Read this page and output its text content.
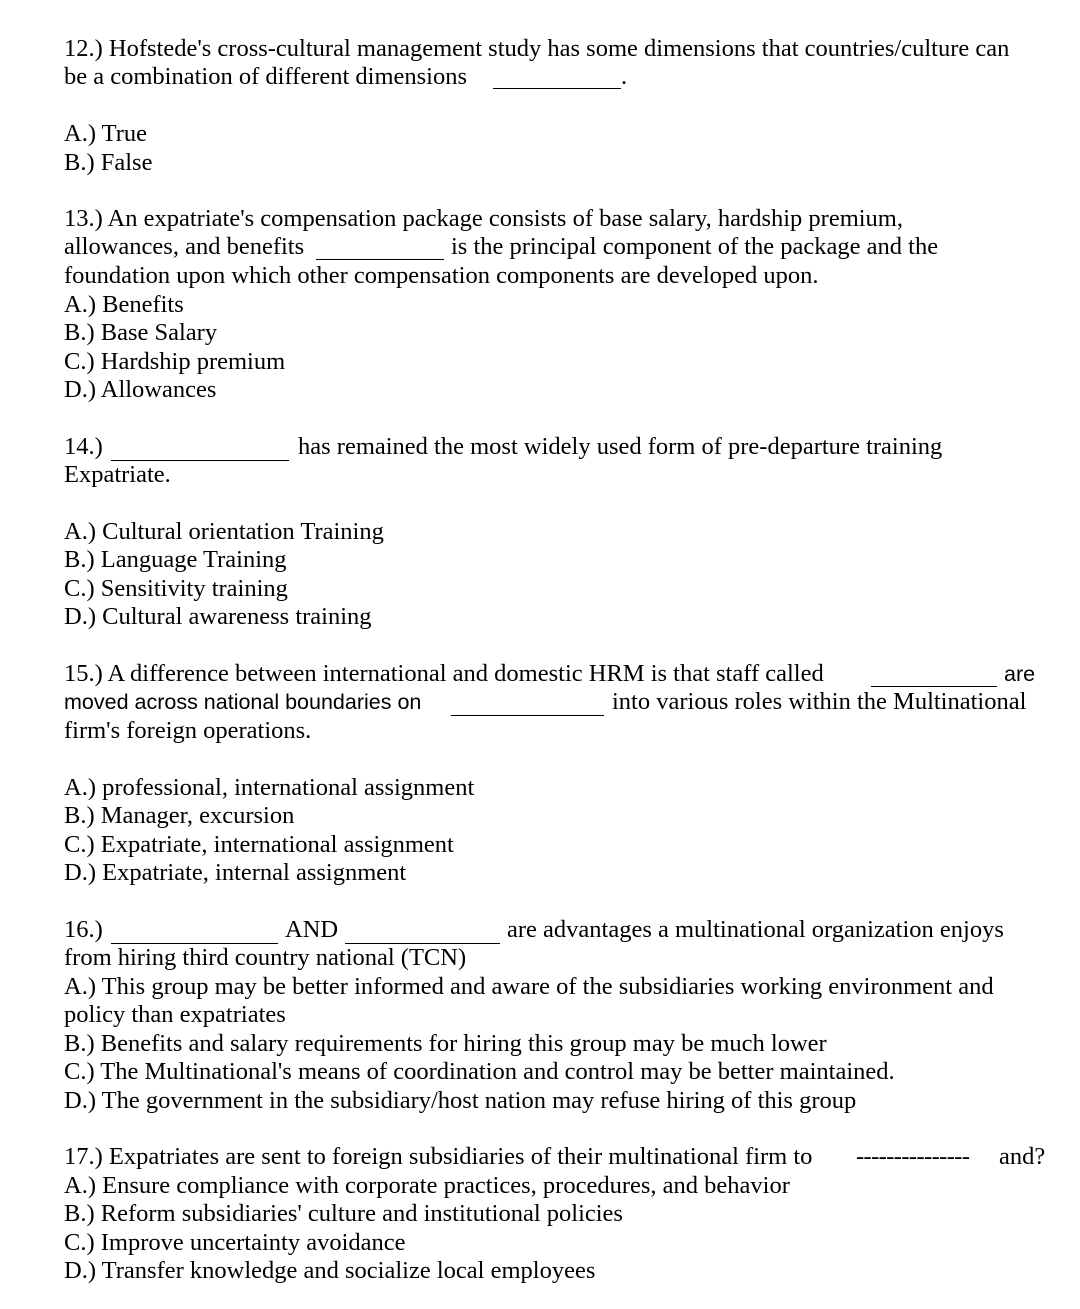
12.) Hofstede's cross-cultural management study has some dimensions that countries/culture can
be a combination of different dimensions	.
A.) True
B.) False
13.) An expatriate's compensation package consists of base salary, hardship premium,
allowances, and benefits	is the principal component of the package and the
foundation upon which other compensation components are developed upon.
A.) Benefits
B.) Base Salary
C.) Hardship premium
D.) Allowances
14.)	has remained the most widely used form of pre-departure training
Expatriate.
A.) Cultural orientation Training
B.) Language Training
C.) Sensitivity training
D.) Cultural awareness training
15.) A difference between international and domestic HRM is that staff called	are
moved across national boundaries on	into various roles within the Multinational
firm's foreign operations.
A.) professional, international assignment
B.) Manager, excursion
C.) Expatriate, international assignment
D.) Expatriate, internal assignment
16.)	AND	are advantages a multinational organization enjoys
from hiring third country national (TCN)
A.) This group may be better informed and aware of the subsidiaries working environment and
policy than expatriates
B.) Benefits and salary requirements for hiring this group may be much lower
C.) The Multinational's means of coordination and control may be better maintained.
D.) The government in the subsidiary/host nation may refuse hiring of this group
17.) Expatriates are sent to foreign subsidiaries of their multinational firm to --------------- and?
A.) Ensure compliance with corporate practices, procedures, and behavior
B.) Reform subsidiaries' culture and institutional policies
C.) Improve uncertainty avoidance
D.) Transfer knowledge and socialize local employees
